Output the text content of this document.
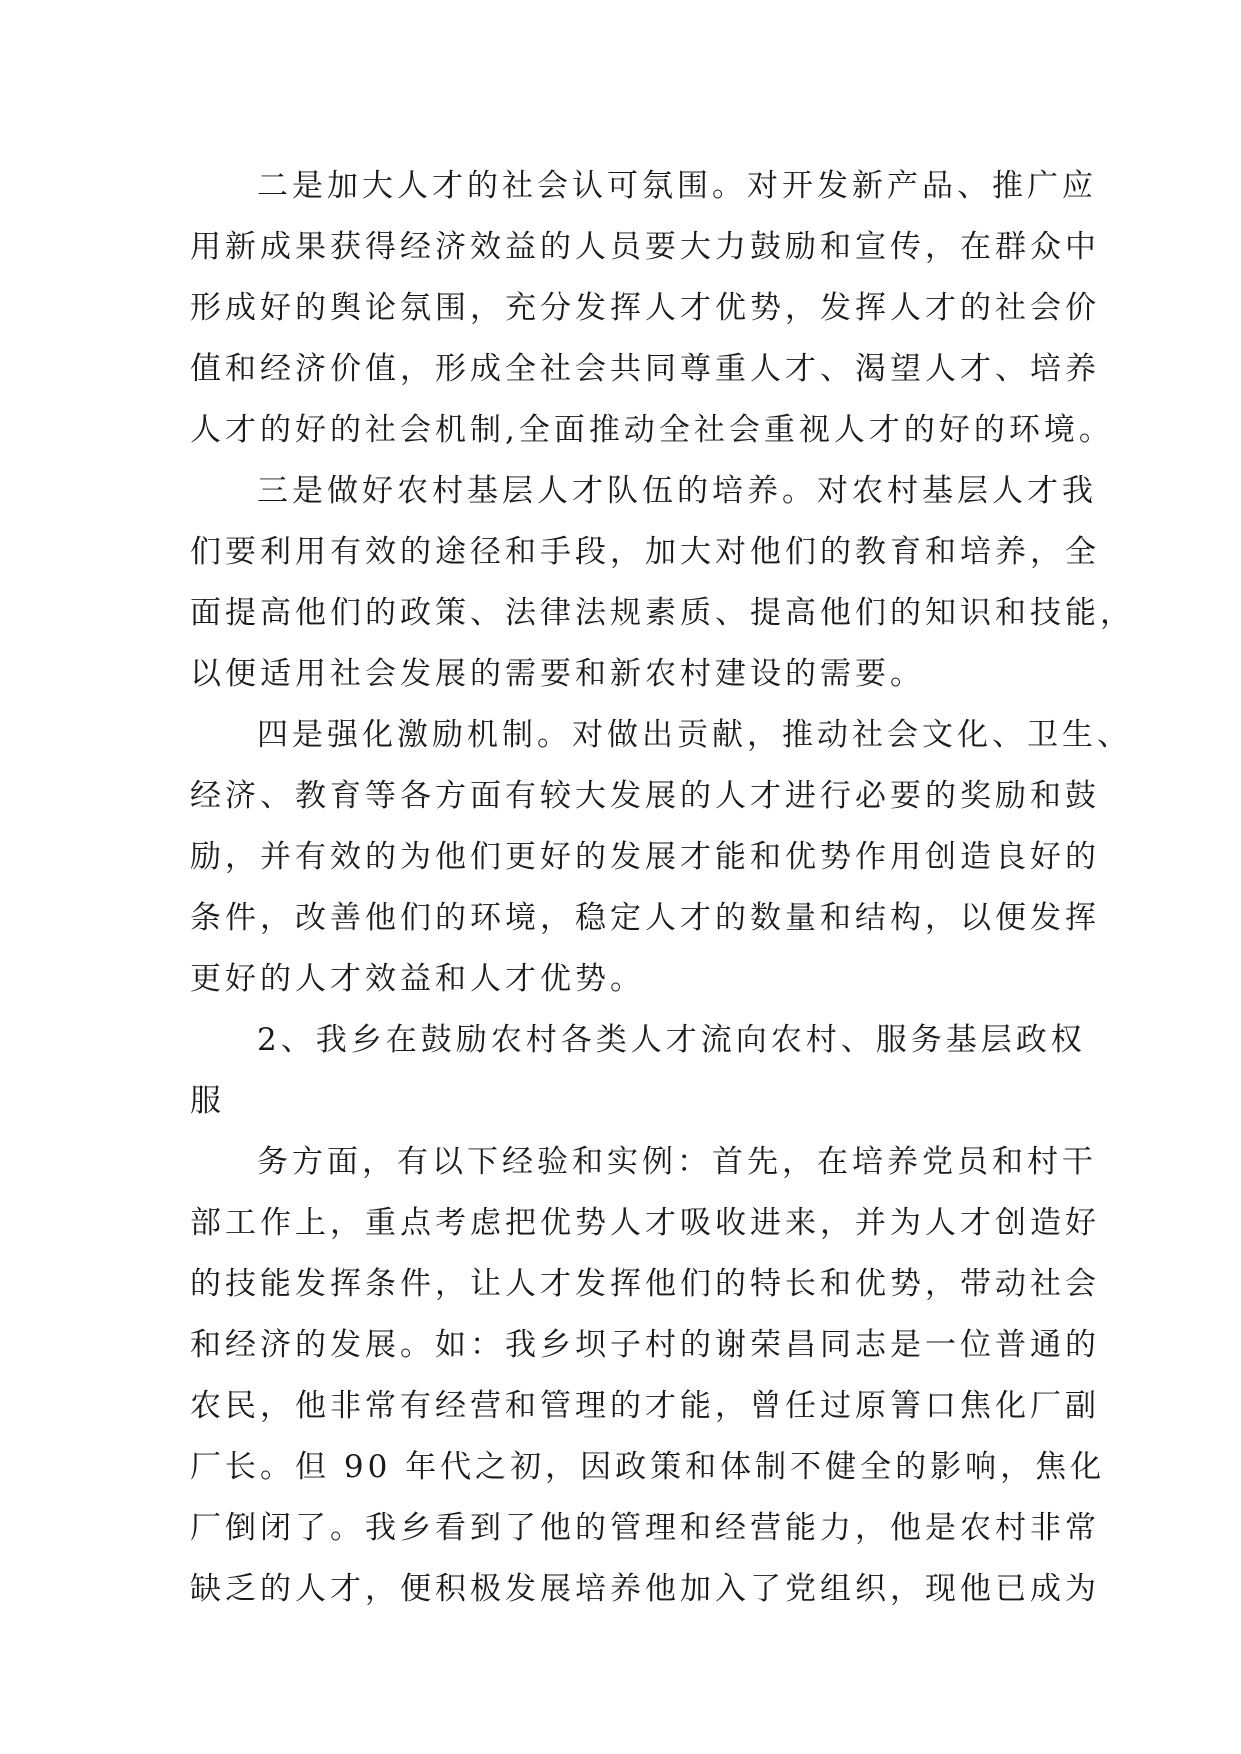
二是加大人才的社会认可氛围。对开发新产品、推广应
用新成果获得经济效益的人员要大力鼓励和宣传，在群众中
形成好的舆论氛围，充分发挥人才优势，发挥人才的社会价
值和经济价值，形成全社会共同尊重人才、渴望人才、培养
人才的好的社会机制,全面推动全社会重视人才的好的环境。
三是做好农村基层人才队伍的培养。对农村基层人才我
们要利用有效的途径和手段，加大对他们的教育和培养，全
面提高他们的政策、法律法规素质、提高他们的知识和技能，
以便适用社会发展的需要和新农村建设的需要。
四是强化激励机制。对做出贡献，推动社会文化、卫生、
经济、教育等各方面有较大发展的人才进行必要的奖励和鼓
励，并有效的为他们更好的发展才能和优势作用创造良好的
条件，改善他们的环境，稳定人才的数量和结构，以便发挥
更好的人才效益和人才优势。
2、我乡在鼓励农村各类人才流向农村、服务基层政权
服
务方面，有以下经验和实例：首先，在培养党员和村干
部工作上，重点考虑把优势人才吸收进来，并为人才创造好
的技能发挥条件，让人才发挥他们的特长和优势，带动社会
和经济的发展。如：我乡坝子村的谢荣昌同志是一位普通的
农民，他非常有经营和管理的才能，曾任过原箐口焦化厂副
厂长。但 90 年代之初，因政策和体制不健全的影响，焦化
厂倒闭了。我乡看到了他的管理和经营能力，他是农村非常
缺乏的人才，便积极发展培养他加入了党组织，现他已成为
